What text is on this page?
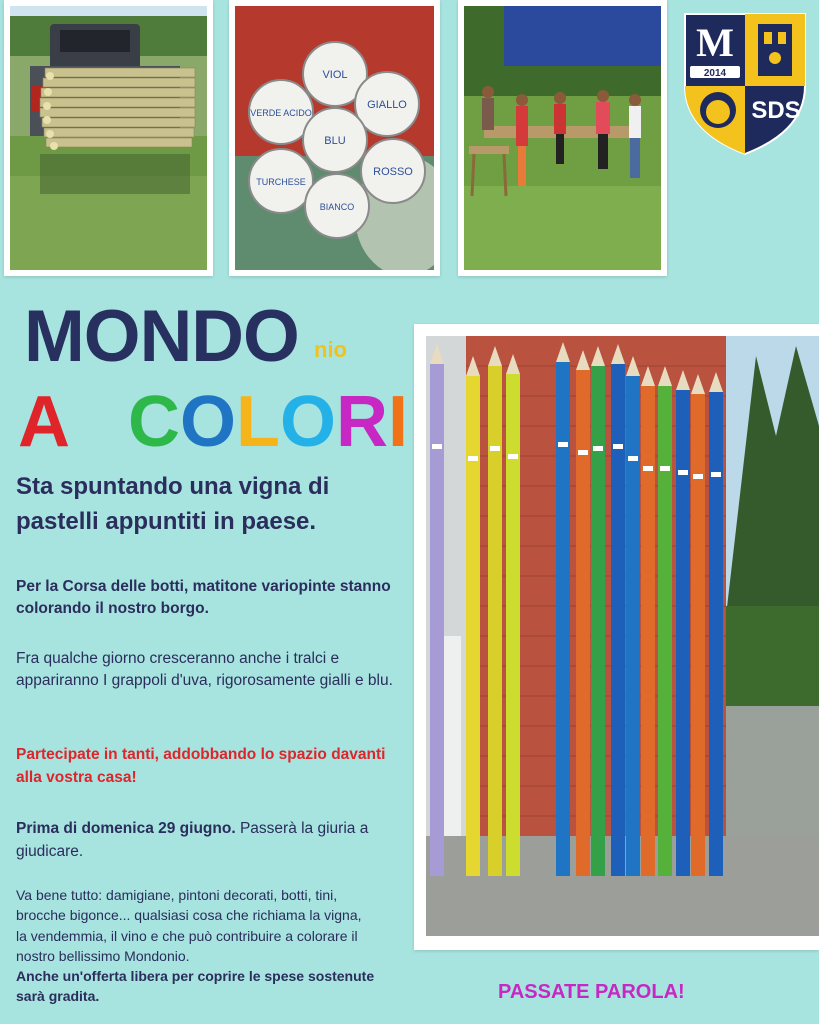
VIOL
GIALLO
VERDE ACIDO
BLU
ROSSO
TURCHESE
BIANCO
M
2014
SDS
MONDO nio
A COLORI
Sta spuntando una vigna di pastelli appuntiti in paese.
Per la Corsa delle botti, matitone variopinte stanno colorando il nostro borgo.
Fra qualche giorno cresceranno anche i tralci e appariranno I grappoli d'uva, rigorosamente gialli e blu.
Partecipate in tanti, addobbando lo spazio davanti alla vostra casa!
Prima di domenica 29 giugno. Passerà la giuria a giudicare.
Va bene tutto: damigiane, pintoni decorati, botti, tini, brocche bigonce... qualsiasi cosa che richiama la vigna, la vendemmia, il vino e che può contribuire a colorare il nostro bellissimo Mondonio.
Anche un'offerta libera per coprire le spese sostenute sarà gradita.	PASSATE PAROLA!
